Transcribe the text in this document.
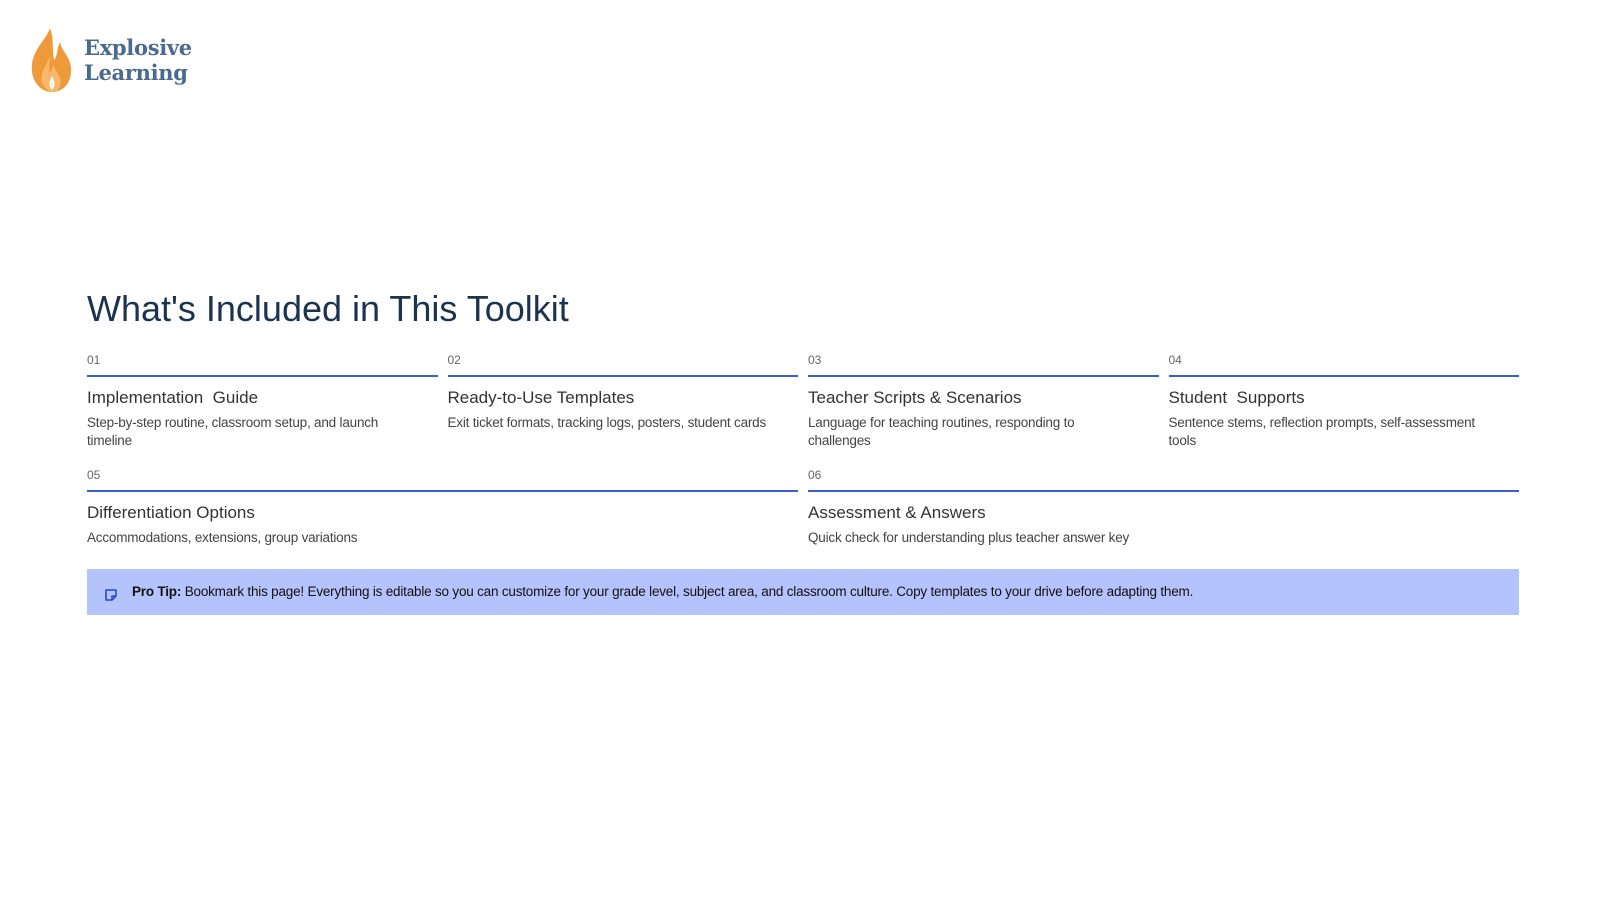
Explosive
Learning
What's Included in This Toolkit
01
Implementation  Guide
Step-by-step routine, classroom setup, and launch timeline
02
Ready-to-Use Templates
Exit ticket formats, tracking logs, posters, student cards
03
Teacher Scripts & Scenarios
Language for teaching routines, responding to challenges
04
Student  Supports
Sentence stems, reflection prompts, self-assessment tools
05
Differentiation Options
Accommodations, extensions, group variations
06
Assessment & Answers
Quick check for understanding plus teacher answer key
Pro Tip: Bookmark this page! Everything is editable so you can customize for your grade level, subject area, and classroom culture. Copy templates to your drive before adapting them.
